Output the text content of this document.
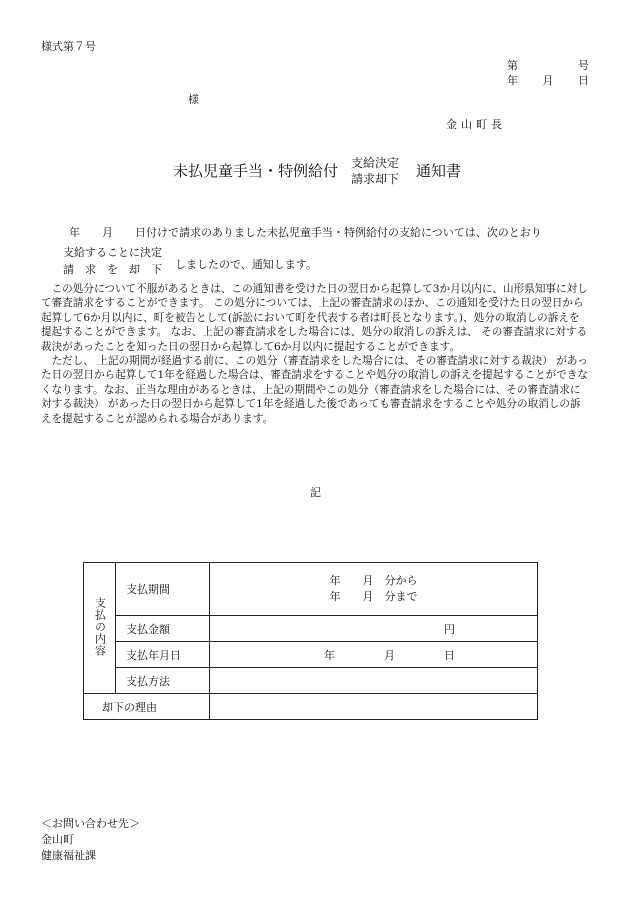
様式第７号
第	号
年 月 日
様
金山町長
未払児童手当・特例給付 支給決定
請求却下 通知書
年　　月　　日付けで請求のありました未払児童手当・特例給付の支給については、次のとおり
支給することに決定
請　求　を　却　下 しましたので、通知します。

この処分について不服があるときは、この通知書を受けた日の翌日から起算して3か月以内に、山形県知事に対して審査請求をすることができます。 この処分については、上記の審査請求のほか、この通知を受けた日の翌日から起算して6か月以内に、町を被告として(訴訟において町を代表する者は町長となります。)、処分の取消しの訴えを提起することができます。 なお、上記の審査請求をした場合には、処分の取消しの訴えは、 その審査請求に対する裁決があったことを知った日の翌日から起算して6か月以内に提起することができます。

ただし、 上記の期間が経過する前に、この処分（審査請求をした場合には、その審査請求に対する裁決） があった日の翌日から起算して1年を経過した場合は、審査請求をすることや処分の取消しの訴えを提起することができなくなります。なお、正当な理由があるときは、上記の期間やこの処分（審査請求をした場合には、その審査請求に対する裁決） があった日の翌日から起算して1年を経過した後であっても審査請求をすることや処分の取消しの訴えを提起することが認められる場合があります。

記
支払の内容	支払期間	年　　月　分から
年　　月　分まで

	支払金額	円
	支払年月日	年 月 日

	支払方法	
却下の理由		
＜お問い合わせ先＞
金山町
健康福祉課
